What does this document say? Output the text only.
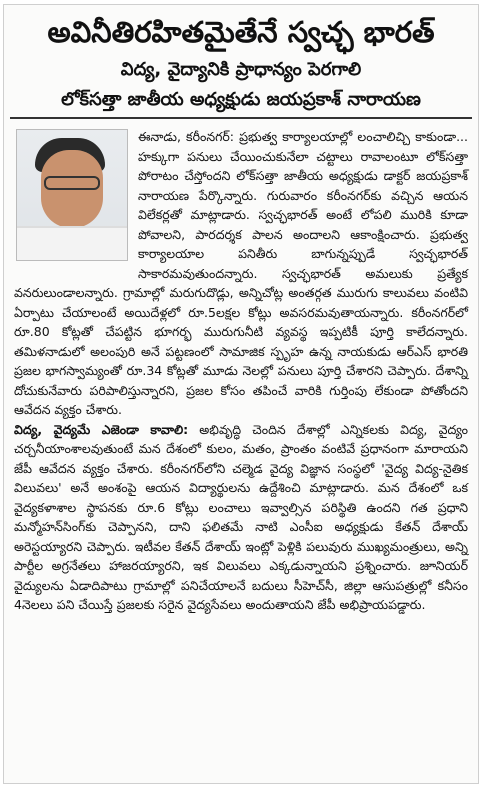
అవినీతిరహితమైతేనే స్వచ్ఛ భారత్
విద్య, వైద్యానికి ప్రాధాన్యం పెరగాలి
లోక్‌సత్తా జాతీయ అధ్యక్షుడు జయప్రకాశ్ నారాయణ

ఈనాడు, కరీంనగర్: ప్రభుత్వ కార్యాలయాల్లో లంచాలిచ్చి కాకుండా... హక్కుగా పనులు చేయించుకునేలా చట్టాలు రావాలంటూ లోక్‌సత్తా పోరాటం చేస్తోందని లోక్‌సత్తా జాతీయ అధ్యక్షుడు డాక్టర్ జయప్రకాశ్ నారాయణ పేర్కొన్నారు. గురువారం కరీంనగర్‌కు వచ్చిన ఆయన విలేకర్లతో మాట్లాడారు. స్వచ్ఛభారత్ అంటే లోపలి మురికి కూడా పోవాలని, పారదర్శక పాలన అందాలని ఆకాంక్షించారు. ప్రభుత్వ కార్యాలయాల పనితీరు బాగున్నప్పుడే స్వచ్ఛభారత్ సాకారమవుతుందన్నారు. స్వచ్ఛభారత్ అమలుకు ప్రత్యేక వనరులుండాలన్నారు. గ్రామాల్లో మరుగుదొడ్లు, అన్నిచోట్ల అంతర్గత మురుగు కాలువలు వంటివి ఏర్పాటు చేయాలంటే అయిదేళ్లలో రూ.5లక్షల కోట్లు అవసరమవుతాయన్నారు. కరీంనగర్‌లో రూ.80 కోట్లతో చేపట్టిన భూగర్భ మురుగునీటి వ్యవస్థ ఇప్పటికీ పూర్తి కాలేదన్నారు. తమిళనాడులో అలంపురి అనే పట్టణంలో సామాజిక స్పృహ ఉన్న నాయకుడు ఆర్‌ఎస్ భారతి ప్రజల భాగస్వామ్యంతో రూ.34 కోట్లతో మూడు నెలల్లో పనులు పూర్తి చేశారని చెప్పారు. దేశాన్ని దోచుకునేవారు పరిపాలిస్తున్నారని, ప్రజల కోసం తపించే వారికి గుర్తింపు లేకుండా పోతోందని ఆవేదన వ్యక్తం చేశారు.

విద్య, వైద్యమే ఎజెండా కావాలి: అభివృద్ధి చెందిన దేశాల్లో ఎన్నికలకు విద్య, వైద్యం చర్చనీయాంశాలవుతుంటే మన దేశంలో కులం, మతం, ప్రాంతం వంటివే ప్రధానంగా మారాయని జేపీ ఆవేదన వ్యక్తం చేశారు. కరీంనగర్‌లోని చల్మెడ వైద్య విజ్ఞాన సంస్థలో 'వైద్య విద్య-నైతిక విలువలు' అనే అంశంపై ఆయన విద్యార్థులను ఉద్దేశించి మాట్లాడారు. మన దేశంలో ఒక వైద్యకళాశాల స్థాపనకు రూ.6 కోట్లు లంచాలు ఇవ్వాల్సిన పరిస్థితి ఉందని గత ప్రధాని మన్మోహన్‌సింగ్‌కు చెప్పానని, దాని ఫలితమే నాటి ఎంసీఐ అధ్యక్షుడు కేతన్ దేశాయ్ అరెస్టయ్యారని చెప్పారు. ఇటీవల కేతన్ దేశాయ్ ఇంట్లో పెళ్లికి పలువురు ముఖ్యమంత్రులు, అన్ని పార్టీల అగ్రనేతలు హాజరయ్యారని, ఇక విలువలు ఎక్కడున్నాయని ప్రశ్నించారు. జూనియర్ వైద్యులను ఏడాదిపాటు గ్రామాల్లో పనిచేయాలనే బదులు సీహెచ్‌సీ, జిల్లా ఆసుపత్రుల్లో కనీసం 4నెలలు పని చేయిస్తే ప్రజలకు సరైన వైద్యసేవలు అందుతాయని జేపీ అభిప్రాయపడ్డారు.
